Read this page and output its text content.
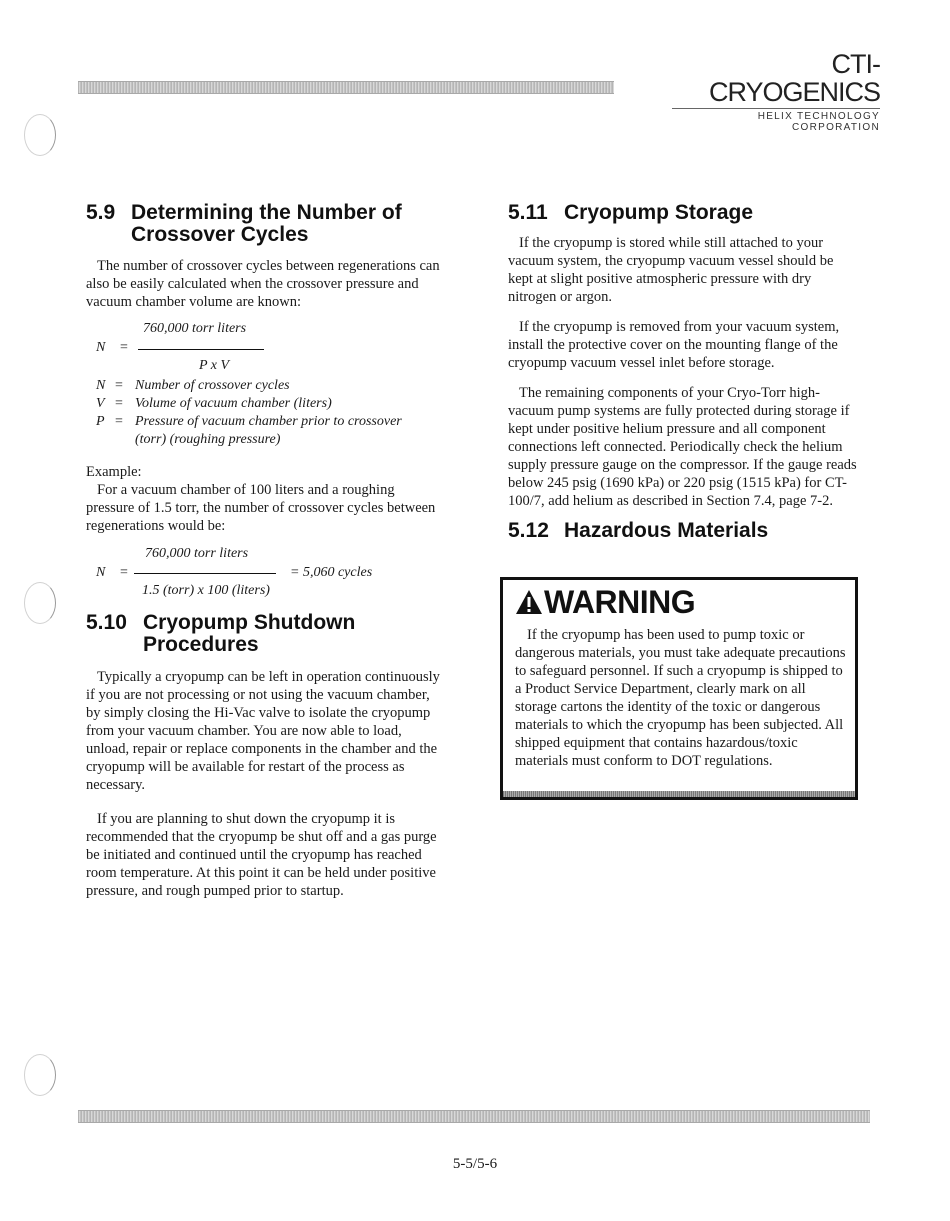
CTI-CRYOGENICS
HELIX TECHNOLOGY CORPORATION
5.9 Determining the Number of Crossover Cycles

The number of crossover cycles between regenerations can also be easily calculated when the crossover pressure and vacuum chamber volume are known:

760,000 torr liters
N =
P x V
N = Number of crossover cycles
V = Volume of vacuum chamber (liters)
P = Pressure of vacuum chamber prior to crossover (torr) (roughing pressure)

Example:

For a vacuum chamber of 100 liters and a roughing pressure of 1.5 torr, the number of crossover cycles between regenerations would be:

760,000 torr liters
N =	= 5,060 cycles
1.5 (torr) x 100 (liters)
5.10 Cryopump Shutdown Procedures

Typically a cryopump can be left in operation continuously if you are not processing or not using the vacuum chamber, by simply closing the Hi-Vac valve to isolate the cryopump from your vacuum chamber. You are now able to load, unload, repair or replace components in the chamber and the cryopump will be available for restart of the process as necessary.

If you are planning to shut down the cryopump it is recommended that the cryopump be shut off and a gas purge be initiated and continued until the cryopump has reached room temperature. At this point it can be held under positive pressure, and rough pumped prior to startup.

5.11 Cryopump Storage

If the cryopump is stored while still attached to your vacuum system, the cryopump vacuum vessel should be kept at slight positive atmospheric pressure with dry nitrogen or argon.

If the cryopump is removed from your vacuum system, install the protective cover on the mounting flange of the cryopump vacuum vessel inlet before storage.

The remaining components of your Cryo-Torr high-vacuum pump systems are fully protected during storage if kept under positive helium pressure and all component connections left connected. Periodically check the helium supply pressure gauge on the compressor. If the gauge reads below 245 psig (1690 kPa) or 220 psig (1515 kPa) for CT-100/7, add helium as described in Section 7.4, page 7-2.

5.12 Hazardous Materials
WARNING
If the cryopump has been used to pump toxic or dangerous materials, you must take adequate precautions to safeguard personnel. If such a cryopump is shipped to a Product Service Department, clearly mark on all storage cartons the identity of the toxic or dangerous materials to which the cryopump has been subjected. All shipped equipment that contains hazardous/toxic materials must conform to DOT regulations.
5-5/5-6
